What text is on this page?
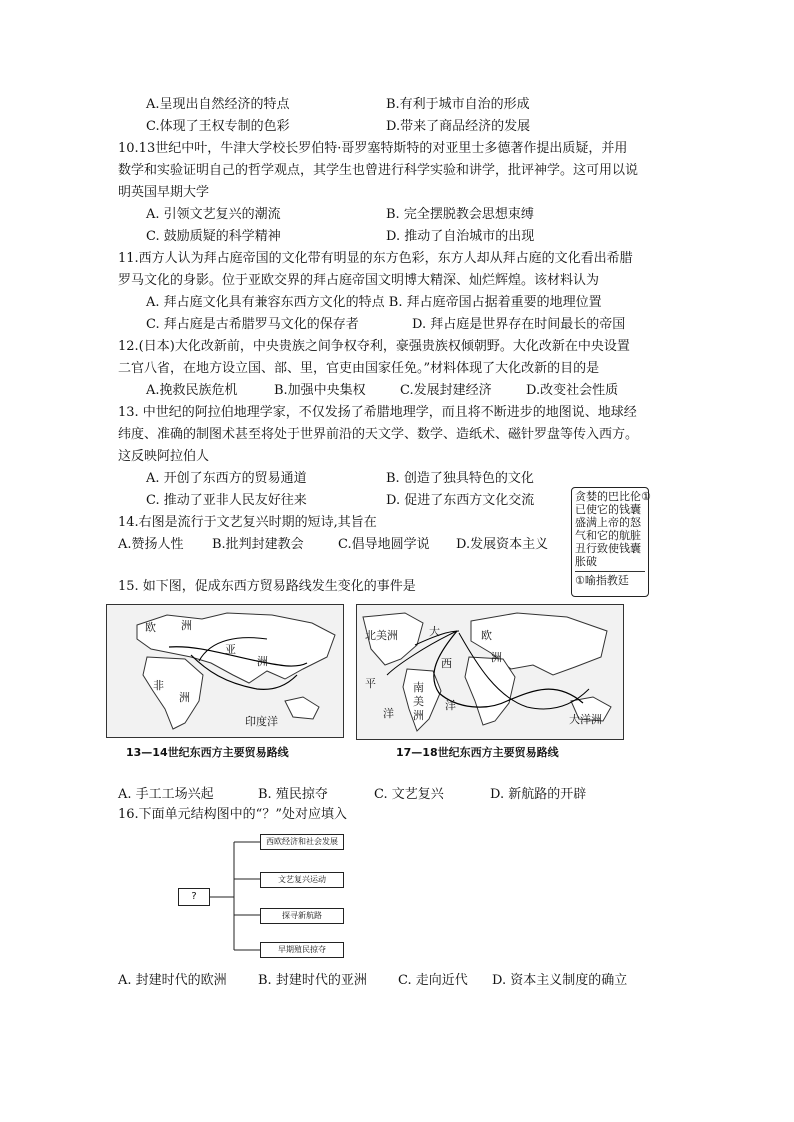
A.呈现出自然经济的特点	B.有利于城市自治的形成
C.体现了王权专制的色彩	D.带来了商品经济的发展
10.13世纪中叶，牛津大学校长罗伯特·哥罗塞特斯特的对亚里士多德著作提出质疑，并用
数学和实验证明自己的哲学观点，其学生也曾进行科学实验和讲学，批评神学。这可用以说
明英国早期大学
A. 引领文艺复兴的潮流	B. 完全摆脱教会思想束缚
C. 鼓励质疑的科学精神	D. 推动了自治城市的出现
11.西方人认为拜占庭帝国的文化带有明显的东方色彩，东方人却从拜占庭的文化看出希腊
罗马文化的身影。位于亚欧交界的拜占庭帝国文明博大精深、灿烂辉煌。该材料认为
A. 拜占庭文化具有兼容东西方文化的特点 B. 拜占庭帝国占据着重要的地理位置
C. 拜占庭是古希腊罗马文化的保存者	D. 拜占庭是世界存在时间最长的帝国
12.(日本)大化改新前，中央贵族之间争权夺利，豪强贵族权倾朝野。大化改新在中央设置
二官八省，在地方设立国、部、里，官吏由国家任免。”材料体现了大化改新的目的是
A.挽救民族危机	B.加强中央集权	C.发展封建经济	D.改变社会性质
13. 中世纪的阿拉伯地理学家，不仅发扬了希腊地理学，而且将不断进步的地图说、地球经
纬度、准确的制图术甚至将处于世界前沿的天文学、数学、造纸术、磁针罗盘等传入西方。
这反映阿拉伯人
A. 开创了东西方的贸易通道	B. 创造了独具特色的文化
C. 推动了亚非人民友好往来	D. 促进了东西方文化交流
14.右图是流行于文艺复兴时期的短诗,其旨在
A.赞扬人性 B.批判封建教会	C.倡导地圆学说 D.发展资本主义
贪婪的巴比伦①
已使它的钱囊
盛满上帝的怒
气和它的航脏
丑行致使钱囊
胀破
①喻指教廷
15. 如下图，促成东西方贸易路线发生变化的事件是
欧 洲
亚
洲
非
洲
印度洋
13—14世纪东西方主要贸易路线
北美洲	大	欧
洲
西
洋
南
美
洲
平
洋	大洋洲
17—18世纪东西方主要贸易路线
A. 手工工场兴起	B. 殖民掠夺	C. 文艺复兴	D. 新航路的开辟
16.下面单元结构图中的“？”处对应填入
?
西欧经济和社会发展
文艺复兴运动
探寻新航路
早期殖民掠夺
A. 封建时代的欧洲 B. 封建时代的亚洲 C. 走向近代 D. 资本主义制度的确立
